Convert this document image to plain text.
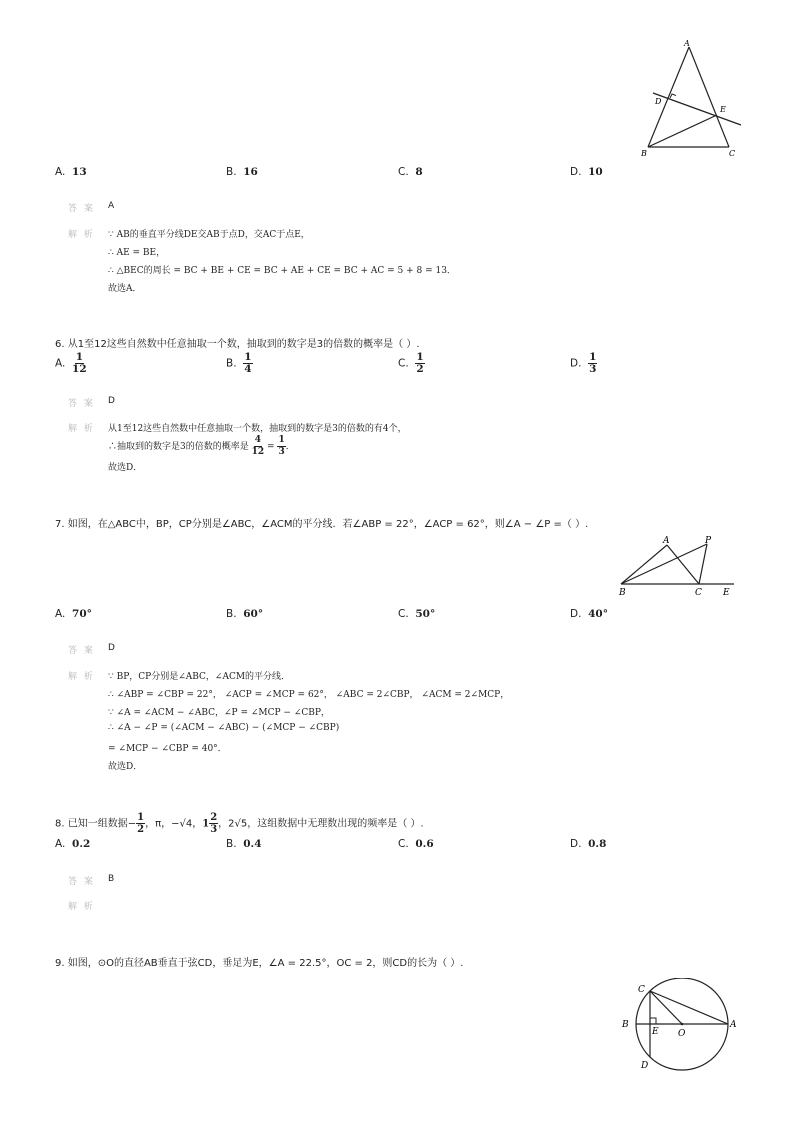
A
D
E
B	C
A. 13	B. 16	C. 8	D. 10
答 案 A
解 析 ∵ AB的垂直平分线DE交AB于点D，交AC于点E，
∴ AE = BE，
∴ △BEC的周长 = BC + BE + CE = BC + AE + CE = BC + AC = 5 + 8 = 13．
故选A．
6. 从1至12这些自然数中任意抽取一个数，抽取到的数字是3的倍数的概率是（ ）.
A. $\frac{1}{12}$	B. $\frac{1}{4}$	C. $\frac{1}{2}$	D. $\frac{1}{3}$
答 案 D
解 析 从1至12这些自然数中任意抽取一个数，抽取到的数字是3的倍数的有4个，
∴抽取到的数字是3的倍数的概率是 $\frac{4}{12} = \frac{1}{3}$ ．
故选D．
7. 如图，在△ABC中，BP，CP分别是∠ABC，∠ACM的平分线．若∠ABP = 22°，∠ACP = 62°，则∠A − ∠P =（ ）.
A	P
B	C E
A. 70°	B. 60°	C. 50°	D. 40°
答 案 D
解 析 ∵ BP，CP分别是∠ABC，∠ACM的平分线．
∴ ∠ABP = ∠CBP = 22°， ∠ACP = ∠MCP = 62°， ∠ABC = 2∠CBP， ∠ACM = 2∠MCP，
∵ ∠A = ∠ACM − ∠ABC，∠P = ∠MCP − ∠CBP，
∴ ∠A − ∠P = (∠ACM − ∠ABC) − (∠MCP − ∠CBP)
= ∠MCP − ∠CBP = 40°．
故选D．
8. 已知一组数据− $\frac{1}{2}$ ，π，−√4，$1 \frac{2}{3}$ ，2√5，这组数据中无理数出现的频率是（ ）.
A. 0.2	B. 0.4	C. 0.6	D. 0.8
答 案 B
解 析
9. 如图，⊙O的直径AB垂直于弦CD，垂足为E，∠A = 22.5°，OC = 2，则CD的长为（ ）.
C
B
E O
A
D
